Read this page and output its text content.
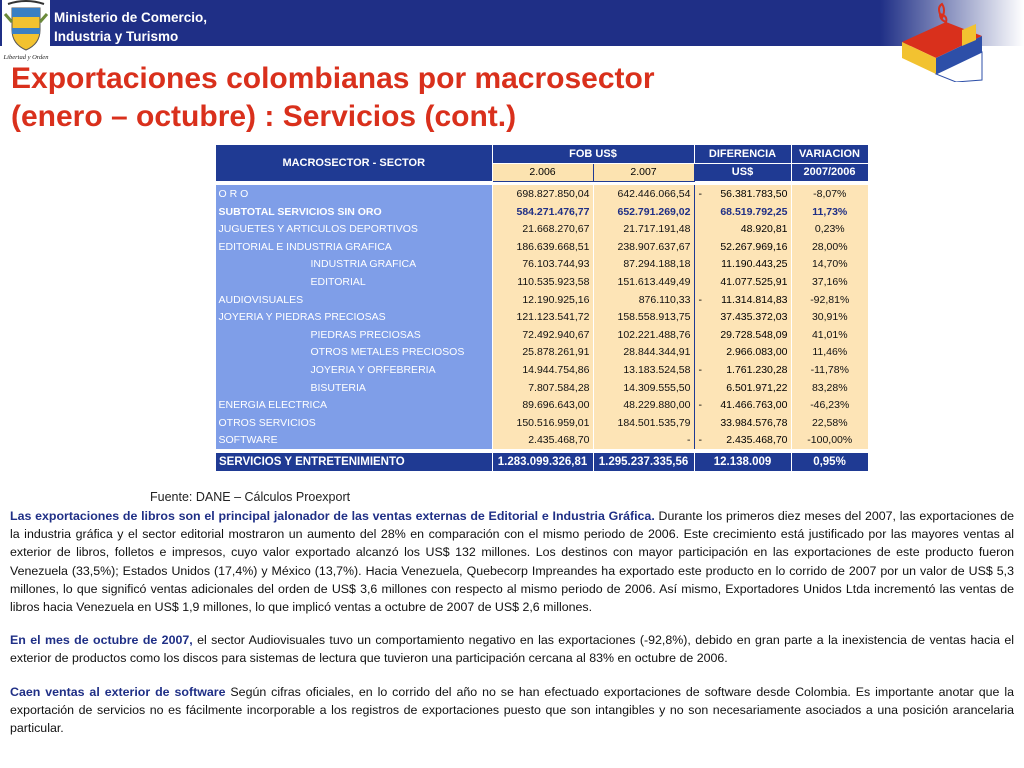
Libertad y Orden
Ministerio de Comercio,
Industria y Turismo
Exportaciones colombianas por macrosector
(enero – octubre) : Servicios (cont.)
MACROSECTOR - SECTOR	FOB US$		DIFERENCIA	VARIACION
	2.006	2.007	US$	2007/2006

O R O	698.827.850,04	642.446.066,54	- 56.381.783,50	-8,07%
SUBTOTAL SERVICIOS SIN ORO	584.271.476,77	652.791.269,02	68.519.792,25	11,73%
JUGUETES Y ARTICULOS DEPORTIVOS	21.668.270,67	21.717.191,48	48.920,81	0,23%
EDITORIAL E INDUSTRIA GRAFICA	186.639.668,51	238.907.637,67	52.267.969,16	28,00%
INDUSTRIA GRAFICA	76.103.744,93	87.294.188,18	11.190.443,25	14,70%
EDITORIAL	110.535.923,58	151.613.449,49	41.077.525,91	37,16%
AUDIOVISUALES	12.190.925,16	876.110,33	- 11.314.814,83	-92,81%
JOYERIA Y PIEDRAS PRECIOSAS	121.123.541,72	158.558.913,75	37.435.372,03	30,91%
PIEDRAS PRECIOSAS	72.492.940,67	102.221.488,76	29.728.548,09	41,01%
OTROS METALES PRECIOSOS	25.878.261,91	28.844.344,91	2.966.083,00	11,46%
JOYERIA Y ORFEBRERIA	14.944.754,86	13.183.524,58	- 1.761.230,28	-11,78%
BISUTERIA	7.807.584,28	14.309.555,50	6.501.971,22	83,28%
ENERGIA ELECTRICA	89.696.643,00	48.229.880,00	- 41.466.763,00	-46,23%
OTROS SERVICIOS	150.516.959,01	184.501.535,79	33.984.576,78	22,58%
SOFTWARE	2.435.468,70	-	- 2.435.468,70	-100,00%

SERVICIOS Y ENTRETENIMIENTO	1.283.099.326,81	1.295.237.335,56	12.138.009	0,95%
Fuente: DANE – Cálculos Proexport

Las exportaciones de libros son el principal jalonador de las ventas externas de Editorial e Industria Gráfica. Durante los primeros diez meses del 2007, las exportaciones de la industria gráfica y el sector editorial mostraron un aumento del 28% en comparación con el mismo periodo de 2006. Este crecimiento está justificado por las mayores ventas al exterior de libros, folletos e impresos, cuyo valor exportado alcanzó los US$ 132 millones. Los destinos con mayor participación en las exportaciones de este producto fueron Venezuela (33,5%); Estados Unidos (17,4%) y México (13,7%). Hacia Venezuela, Quebecorp Impreandes ha exportado este producto en lo corrido de 2007 por un valor de US$ 5,3 millones, lo que significó ventas adicionales del orden de US$ 3,6 millones con respecto al mismo periodo de 2006. Así mismo, Exportadores Unidos Ltda incrementó las ventas de libros hacia Venezuela en US$ 1,9 millones, lo que implicó ventas a octubre de 2007 de US$ 2,6 millones.

En el mes de octubre de 2007, el sector Audiovisuales tuvo un comportamiento negativo en las exportaciones (-92,8%), debido en gran parte a la inexistencia de ventas hacia el exterior de productos como los discos para sistemas de lectura que tuvieron una participación cercana al 83% en octubre de 2006.

Caen ventas al exterior de software Según cifras oficiales, en lo corrido del año no se han efectuado exportaciones de software desde Colombia. Es importante anotar que la exportación de servicios no es fácilmente incorporable a los registros de exportaciones puesto que son intangibles y no son necesariamente asociados a una posición arancelaria particular.
